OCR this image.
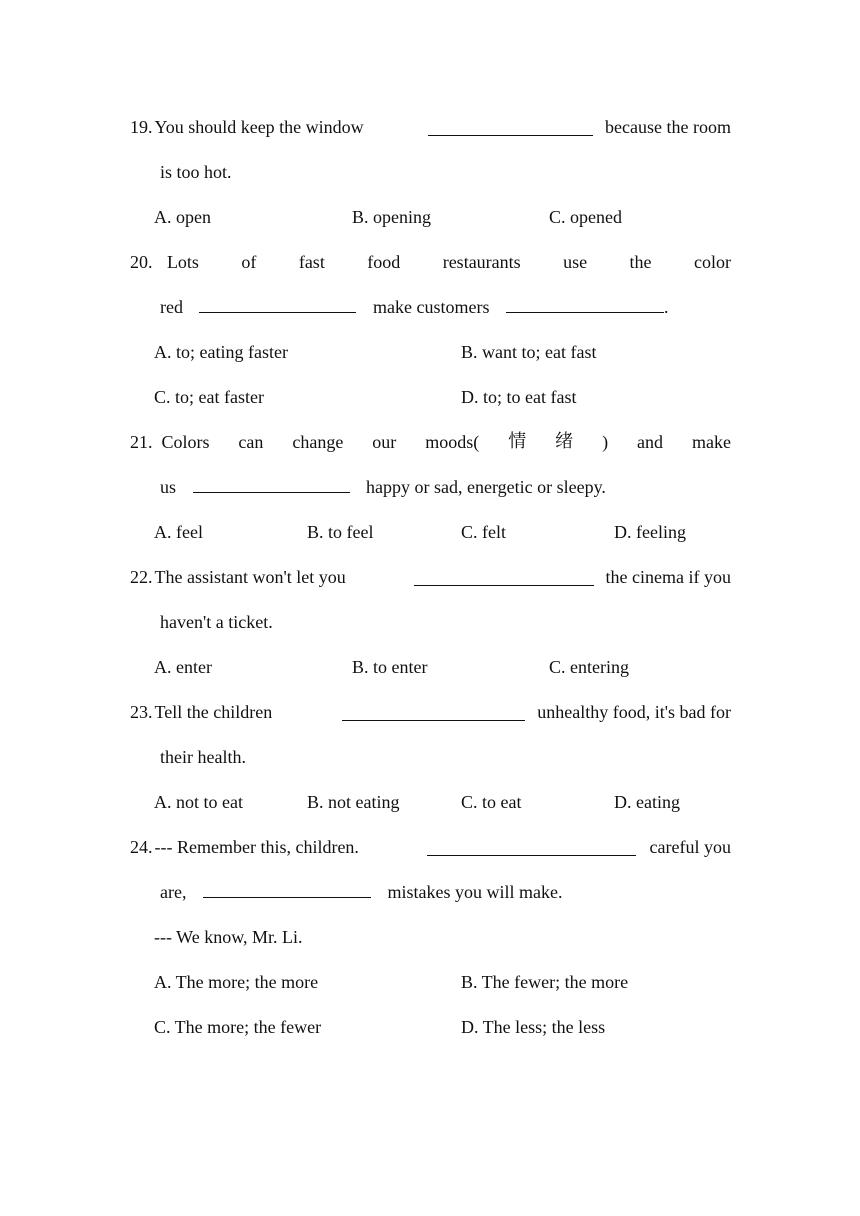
19. You should keep the window	because the room
is too hot.
A. open	B. opening	C. opened
20. Lots of fast food restaurants use the color
red	make customers	.
A. to; eating faster	B. want to; eat fast
C. to; eat faster	D. to; to eat fast
21. Colors can change our moods( 情 绪 ) and make
us	happy or sad, energetic or sleepy.
A. feel	B. to feel	C. felt	D. feeling
22. The assistant won't let you	the cinema if you
haven't a ticket.
A. enter	B. to enter	C. entering
23. Tell the children	unhealthy food, it's bad for
their health.
A. not to eat	B. not eating	C. to eat	D. eating
24. --- Remember this, children.	careful you
are,	mistakes you will make.
--- We know, Mr. Li.
A. The more; the more	B. The fewer; the more
C. The more; the fewer	D. The less; the less
